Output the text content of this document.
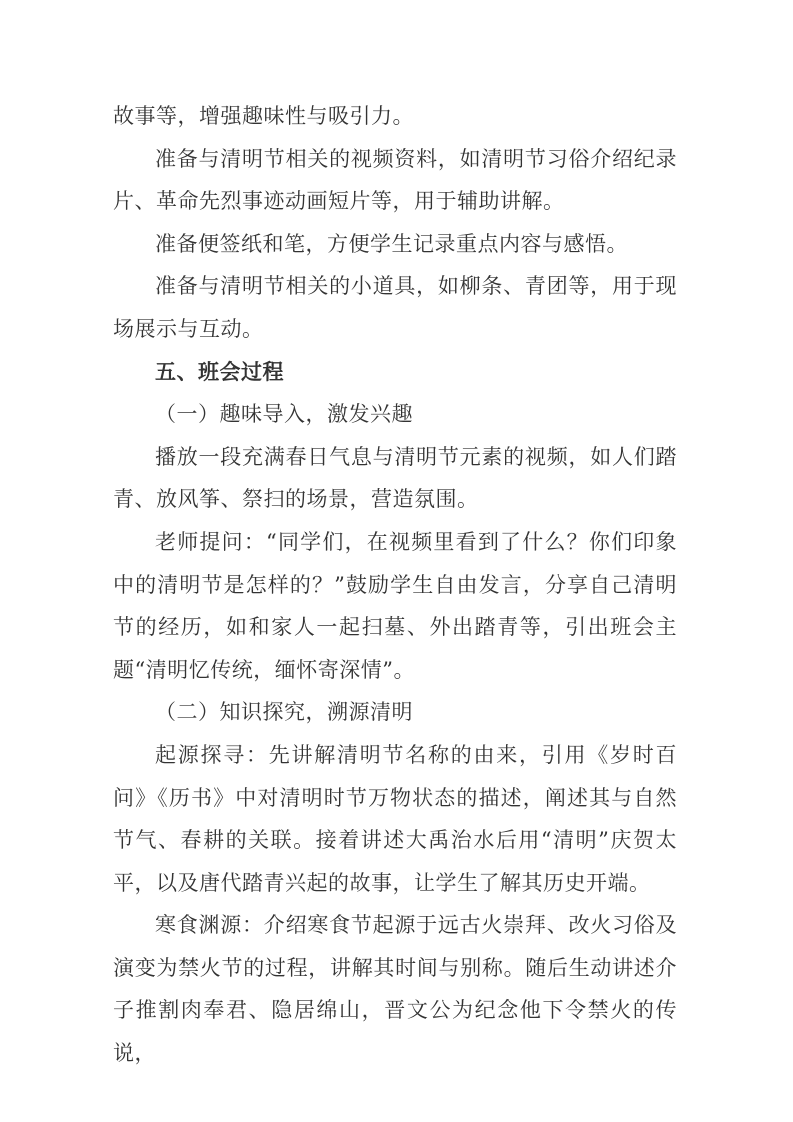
故事等，增强趣味性与吸引力。

准备与清明节相关的视频资料，如清明节习俗介绍纪录片、革命先烈事迹动画短片等，用于辅助讲解。

准备便签纸和笔，方便学生记录重点内容与感悟。

准备与清明节相关的小道具，如柳条、青团等，用于现场展示与互动。

五、班会过程

（一）趣味导入，激发兴趣

播放一段充满春日气息与清明节元素的视频，如人们踏青、放风筝、祭扫的场景，营造氛围。

老师提问：“同学们，在视频里看到了什么？你们印象中的清明节是怎样的？”鼓励学生自由发言，分享自己清明节的经历，如和家人一起扫墓、外出踏青等，引出班会主题“清明忆传统，缅怀寄深情”。

（二）知识探究，溯源清明

起源探寻：先讲解清明节名称的由来，引用《岁时百问》《历书》中对清明时节万物状态的描述，阐述其与自然节气、春耕的关联。接着讲述大禹治水后用“清明”庆贺太平，以及唐代踏青兴起的故事，让学生了解其历史开端。

寒食渊源：介绍寒食节起源于远古火崇拜、改火习俗及演变为禁火节的过程，讲解其时间与别称。随后生动讲述介子推割肉奉君、隐居绵山，晋文公为纪念他下令禁火的传说，
